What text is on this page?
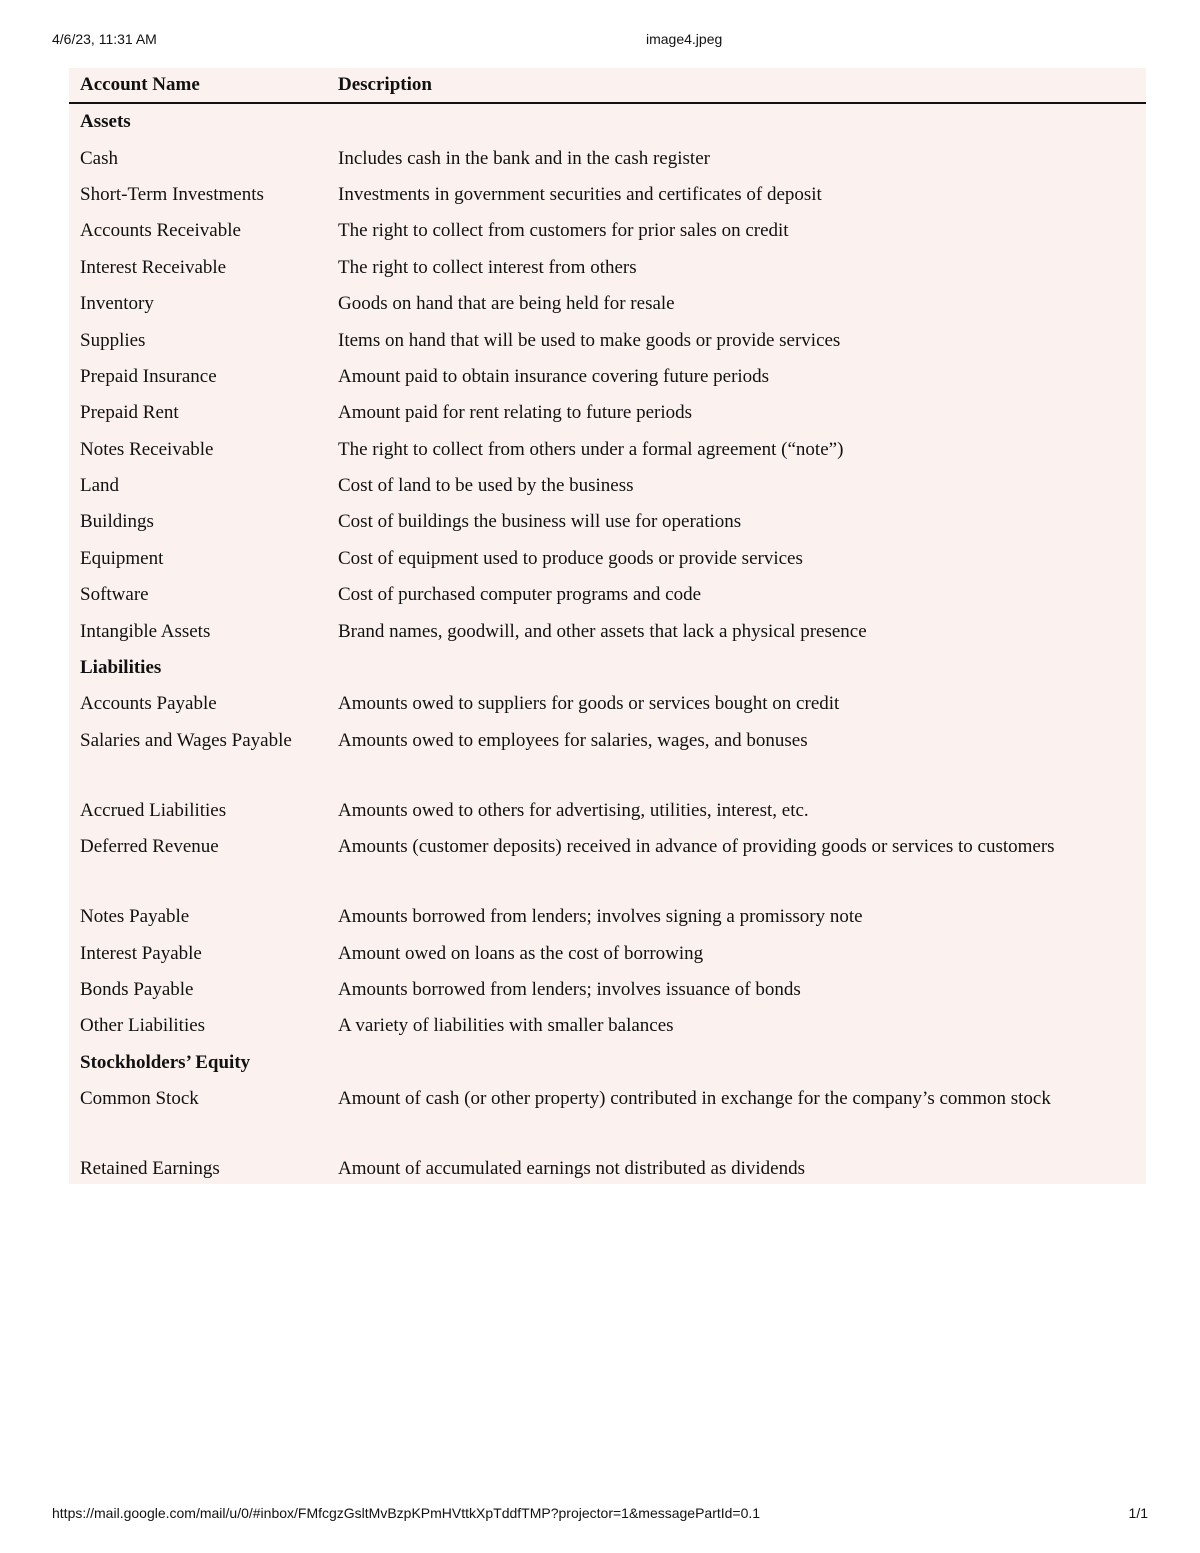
4/6/23, 11:31 AM	image4.jpeg
Account Name	Description
Assets	
Cash	Includes cash in the bank and in the cash register
Short-Term Investments	Investments in government securities and certificates of deposit
Accounts Receivable	The right to collect from customers for prior sales on credit
Interest Receivable	The right to collect interest from others
Inventory	Goods on hand that are being held for resale
Supplies	Items on hand that will be used to make goods or provide services
Prepaid Insurance	Amount paid to obtain insurance covering future periods
Prepaid Rent	Amount paid for rent relating to future periods
Notes Receivable	The right to collect from others under a formal agreement (“note”)
Land	Cost of land to be used by the business
Buildings	Cost of buildings the business will use for operations
Equipment	Cost of equipment used to produce goods or provide services
Software	Cost of purchased computer programs and code
Intangible Assets	Brand names, goodwill, and other assets that lack a physical presence
Liabilities	
Accounts Payable	Amounts owed to suppliers for goods or services bought on credit
Salaries and Wages Payable	Amounts owed to employees for salaries, wages, and bonuses
Accrued Liabilities	Amounts owed to others for advertising, utilities, interest, etc.
Deferred Revenue	Amounts (customer deposits) received in advance of providing goods or services to customers
Notes Payable	Amounts borrowed from lenders; involves signing a promissory note
Interest Payable	Amount owed on loans as the cost of borrowing
Bonds Payable	Amounts borrowed from lenders; involves issuance of bonds
Other Liabilities	A variety of liabilities with smaller balances
Stockholders’ Equity	
Common Stock	Amount of cash (or other property) contributed in exchange for the company’s common stock
Retained Earnings	Amount of accumulated earnings not distributed as dividends
https://mail.google.com/mail/u/0/#inbox/FMfcgzGsltMvBzpKPmHVttkXpTddfTMP?projector=1&messagePartId=0.1	1/1
